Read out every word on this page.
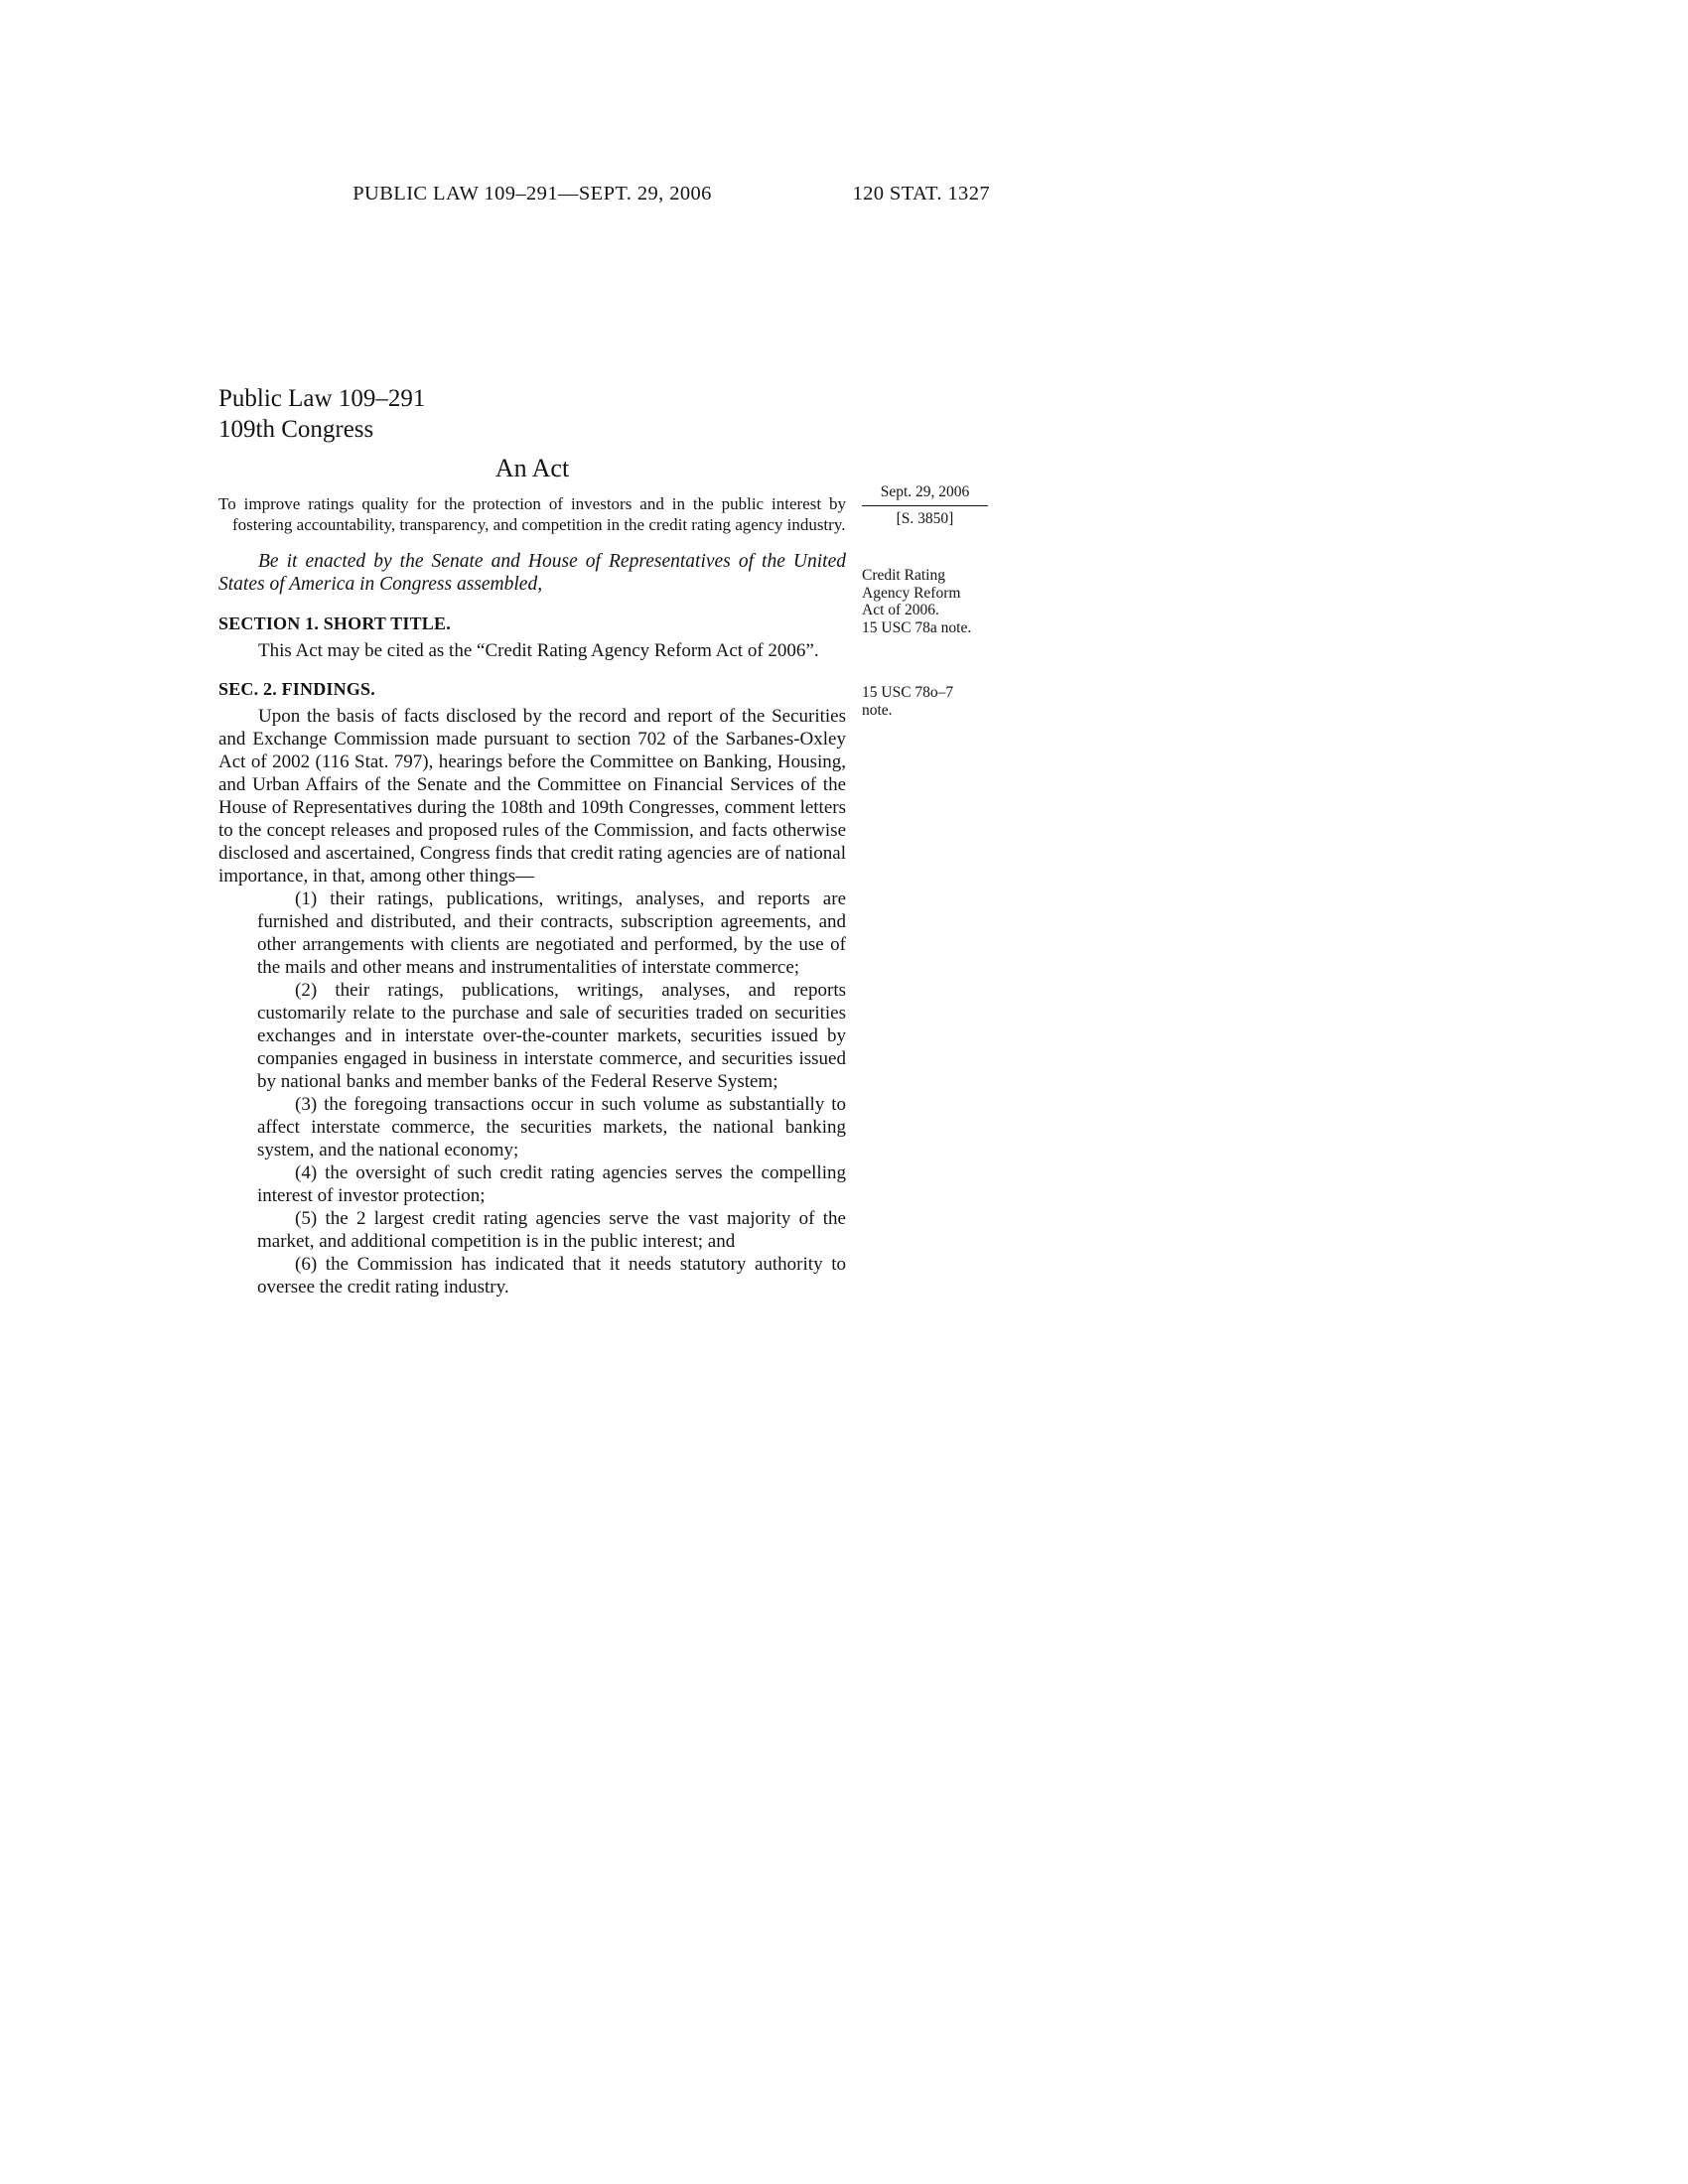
PUBLIC LAW 109–291—SEPT. 29, 2006	120 STAT. 1327
Public Law 109–291
109th Congress
An Act

To improve ratings quality for the protection of investors and in the public interest by fostering accountability, transparency, and competition in the credit rating agency industry.

Be it enacted by the Senate and House of Representatives of the United States of America in Congress assembled,

SECTION 1. SHORT TITLE.

This Act may be cited as the “Credit Rating Agency Reform Act of 2006”.

SEC. 2. FINDINGS.

Upon the basis of facts disclosed by the record and report of the Securities and Exchange Commission made pursuant to section 702 of the Sarbanes-Oxley Act of 2002 (116 Stat. 797), hearings before the Committee on Banking, Housing, and Urban Affairs of the Senate and the Committee on Financial Services of the House of Representatives during the 108th and 109th Congresses, comment letters to the concept releases and proposed rules of the Commission, and facts otherwise disclosed and ascertained, Congress finds that credit rating agencies are of national importance, in that, among other things—

(1) their ratings, publications, writings, analyses, and reports are furnished and distributed, and their contracts, subscription agreements, and other arrangements with clients are negotiated and performed, by the use of the mails and other means and instrumentalities of interstate commerce;

(2) their ratings, publications, writings, analyses, and reports customarily relate to the purchase and sale of securities traded on securities exchanges and in interstate over-the-counter markets, securities issued by companies engaged in business in interstate commerce, and securities issued by national banks and member banks of the Federal Reserve System;

(3) the foregoing transactions occur in such volume as substantially to affect interstate commerce, the securities markets, the national banking system, and the national economy;

(4) the oversight of such credit rating agencies serves the compelling interest of investor protection;

(5) the 2 largest credit rating agencies serve the vast majority of the market, and additional competition is in the public interest; and

(6) the Commission has indicated that it needs statutory authority to oversee the credit rating industry.

Sept. 29, 2006
[S. 3850]
Credit Rating Agency Reform Act of 2006.
15 USC 78a note.
15 USC 78o–7 note.
